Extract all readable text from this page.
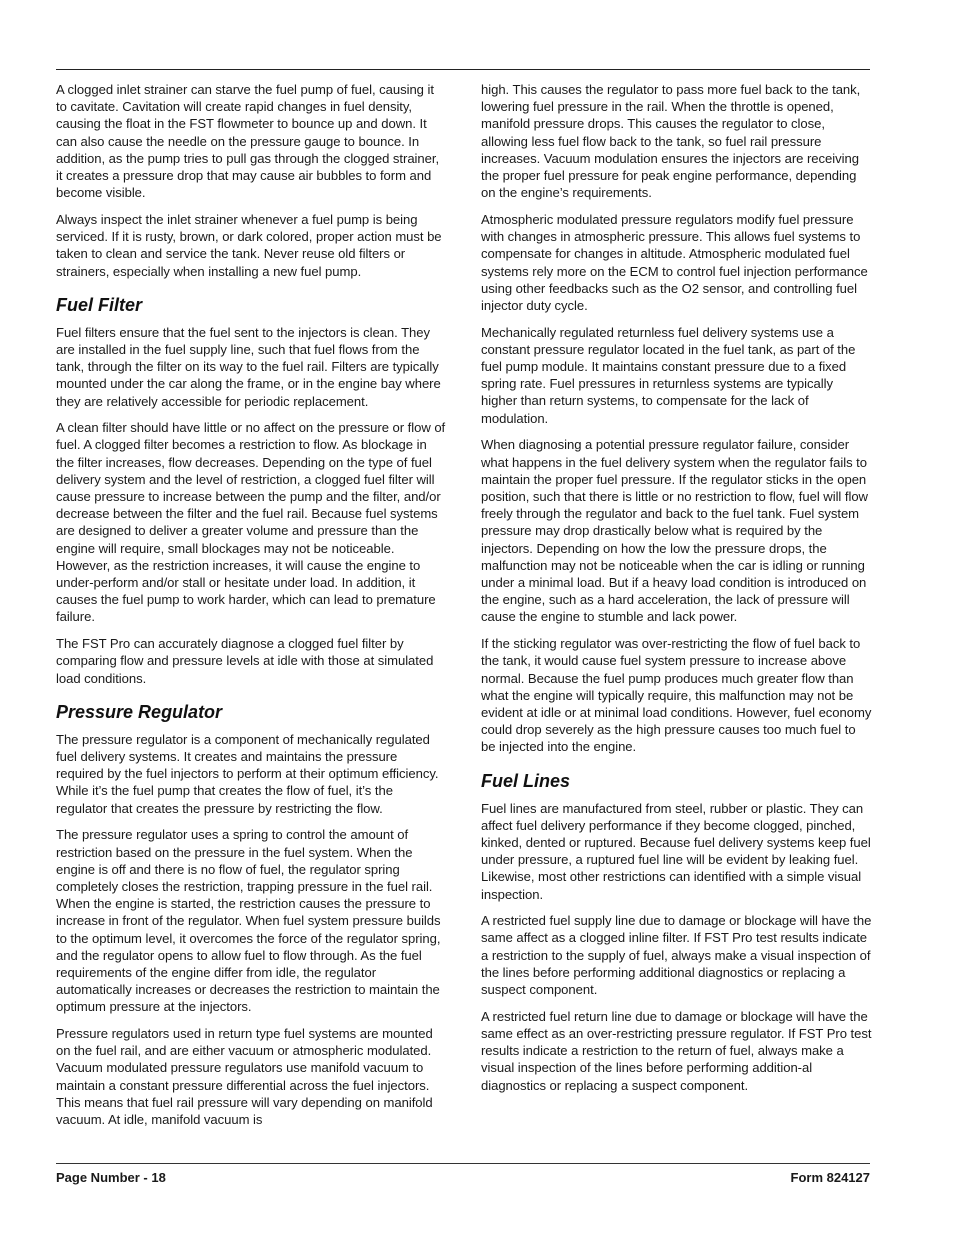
A clogged inlet strainer can starve the fuel pump of fuel, causing it to cavitate. Cavitation will create rapid changes in fuel density, causing the float in the FST flowmeter to bounce up and down. It can also cause the needle on the pressure gauge to bounce. In addition, as the pump tries to pull gas through the clogged strainer, it creates a pressure drop that may cause air bubbles to form and become visible.

Always inspect the inlet strainer whenever a fuel pump is being serviced. If it is rusty, brown, or dark colored, proper action must be taken to clean and service the tank. Never reuse old filters or strainers, especially when installing a new fuel pump.

Fuel Filter

Fuel filters ensure that the fuel sent to the injectors is clean. They are installed in the fuel supply line, such that fuel flows from the tank, through the filter on its way to the fuel rail. Filters are typically mounted under the car along the frame, or in the engine bay where they are relatively accessible for periodic replacement.

A clean filter should have little or no affect on the pressure or flow of fuel. A clogged filter becomes a restriction to flow. As blockage in the filter increases, flow decreases. Depending on the type of fuel delivery system and the level of restriction, a clogged fuel filter will cause pressure to increase between the pump and the filter, and/or decrease between the filter and the fuel rail. Because fuel systems are designed to deliver a greater volume and pressure than the engine will require, small blockages may not be noticeable. However, as the restriction increases, it will cause the engine to under-perform and/or stall or hesitate under load. In addition, it causes the fuel pump to work harder, which can lead to premature failure.

The FST Pro can accurately diagnose a clogged fuel filter by comparing flow and pressure levels at idle with those at simulated load conditions.

Pressure Regulator

The pressure regulator is a component of mechanically regulated fuel delivery systems. It creates and maintains the pressure required by the fuel injectors to perform at their optimum efficiency. While it’s the fuel pump that creates the flow of fuel, it’s the regulator that creates the pressure by restricting the flow.

The pressure regulator uses a spring to control the amount of restriction based on the pressure in the fuel system. When the engine is off and there is no flow of fuel, the regulator spring completely closes the restriction, trapping pressure in the fuel rail. When the engine is started, the restriction causes the pressure to increase in front of the regulator. When fuel system pressure builds to the optimum level, it overcomes the force of the regulator spring, and the regulator opens to allow fuel to flow through. As the fuel requirements of the engine differ from idle, the regulator automatically increases or decreases the restriction to maintain the optimum pressure at the injectors.

Pressure regulators used in return type fuel systems are mounted on the fuel rail, and are either vacuum or atmospheric modulated. Vacuum modulated pressure regulators use manifold vacuum to maintain a constant pressure differential across the fuel injectors. This means that fuel rail pressure will vary depending on manifold vacuum. At idle, manifold vacuum is

high. This causes the regulator to pass more fuel back to the tank, lowering fuel pressure in the rail. When the throttle is opened, manifold pressure drops. This causes the regulator to close, allowing less fuel flow back to the tank, so fuel rail pressure increases. Vacuum modulation ensures the injectors are receiving the proper fuel pressure for peak engine performance, depending on the engine’s requirements.

Atmospheric modulated pressure regulators modify fuel pressure with changes in atmospheric pressure. This allows fuel systems to compensate for changes in altitude. Atmospheric modulated fuel systems rely more on the ECM to control fuel injection performance using other feedbacks such as the O2 sensor, and controlling fuel injector duty cycle.

Mechanically regulated returnless fuel delivery systems use a constant pressure regulator located in the fuel tank, as part of the fuel pump module. It maintains constant pressure due to a fixed spring rate. Fuel pressures in returnless systems are typically higher than return systems, to compensate for the lack of modulation.

When diagnosing a potential pressure regulator failure, consider what happens in the fuel delivery system when the regulator fails to maintain the proper fuel pressure. If the regulator sticks in the open position, such that there is little or no restriction to flow, fuel will flow freely through the regulator and back to the fuel tank. Fuel system pressure may drop drastically below what is required by the injectors. Depending on how the low the pressure drops, the malfunction may not be noticeable when the car is idling or running under a minimal load. But if a heavy load condition is introduced on the engine, such as a hard acceleration, the lack of pressure will cause the engine to stumble and lack power.

If the sticking regulator was over-restricting the flow of fuel back to the tank, it would cause fuel system pressure to increase above normal. Because the fuel pump produces much greater flow than what the engine will typically require, this malfunction may not be evident at idle or at minimal load conditions. However, fuel economy could drop severely as the high pressure causes too much fuel to be injected into the engine.

Fuel Lines

Fuel lines are manufactured from steel, rubber or plastic. They can affect fuel delivery performance if they become clogged, pinched, kinked, dented or ruptured. Because fuel delivery systems keep fuel under pressure, a ruptured fuel line will be evident by leaking fuel. Likewise, most other restrictions can identified with a simple visual inspection.

A restricted fuel supply line due to damage or blockage will have the same affect as a clogged inline filter. If FST Pro test results indicate a restriction to the supply of fuel, always make a visual inspection of the lines before performing additional diagnostics or replacing a suspect component.

A restricted fuel return line due to damage or blockage will have the same effect as an over-restricting pressure regulator. If FST Pro test results indicate a restriction to the return of fuel, always make a visual inspection of the lines before performing addition-al diagnostics or replacing a suspect component.

Page Number - 18	Form 824127
